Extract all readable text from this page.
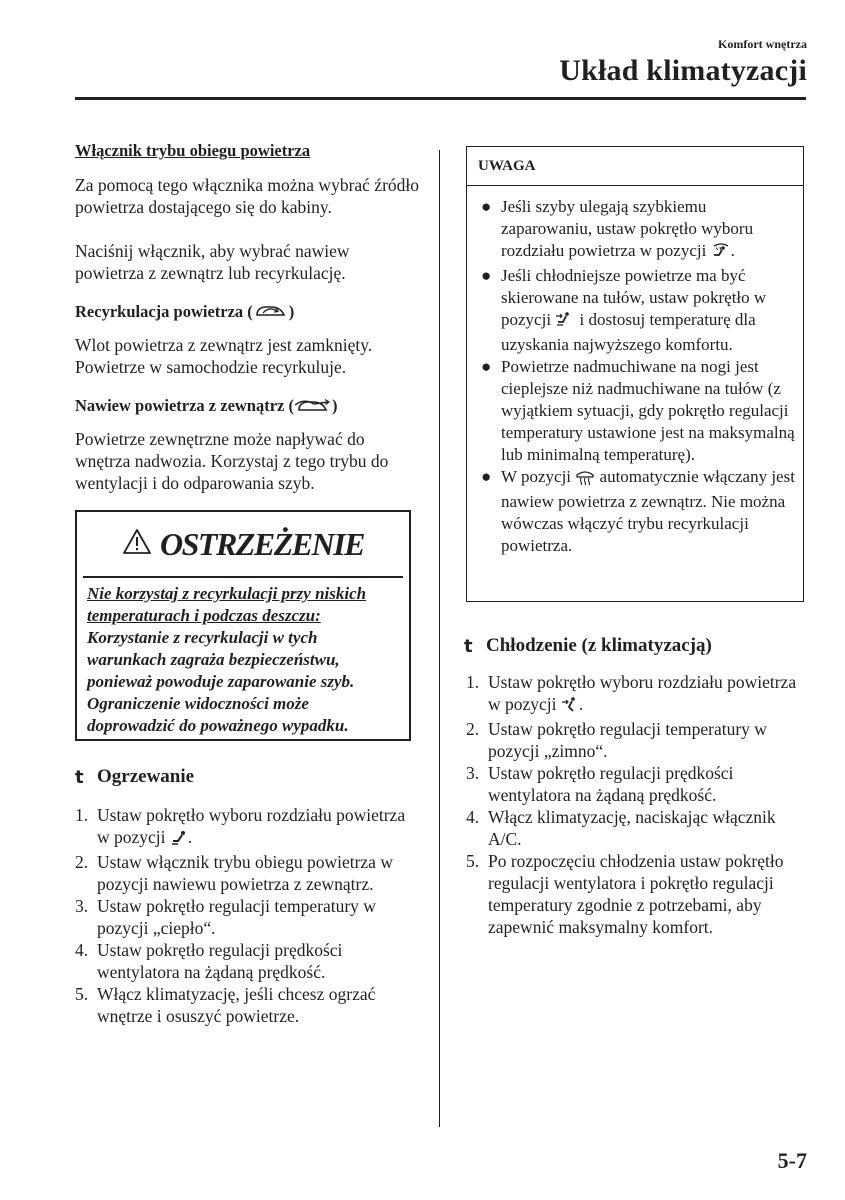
Komfort wnętrza
Układ klimatyzacji
Włącznik trybu obiegu powietrza

Za pomocą tego włącznika można wybrać źródło powietrza dostającego się do kabiny.

Naciśnij włącznik, aby wybrać nawiew powietrza z zewnątrz lub recyrkulację.

Recyrkulacja powietrza ( )

Wlot powietrza z zewnątrz jest zamknięty. Powietrze w samochodzie recyrkuluje.

Nawiew powietrza z zewnątrz ( )

Powietrze zewnętrzne może napływać do wnętrza nadwozia. Korzystaj z tego trybu do wentylacji i do odparowania szyb.

OSTRZEŻENIE
Nie korzystaj z recyrkulacji przy niskich temperaturach i podczas deszczu:
Korzystanie z recyrkulacji w tych warunkach zagraża bezpieczeństwu, ponieważ powoduje zaparowanie szyb. Ograniczenie widoczności może doprowadzić do poważnego wypadku.
t Ogrzewanie
1. Ustaw pokrętło wyboru rozdziału powietrza w pozycji .
2. Ustaw włącznik trybu obiegu powietrza w pozycji nawiewu powietrza z zewnątrz.
3. Ustaw pokrętło regulacji temperatury w pozycji „ciepło“.
4. Ustaw pokrętło regulacji prędkości wentylatora na żądaną prędkość.
5. Włącz klimatyzację, jeśli chcesz ogrzać wnętrze i osuszyć powietrze.
UWAGA
● Jeśli szyby ulegają szybkiemu zaparowaniu, ustaw pokrętło wyboru rozdziału powietrza w pozycji .
● Jeśli chłodniejsze powietrze ma być skierowane na tułów, ustaw pokrętło w pozycji i dostosuj temperaturę dla uzyskania najwyższego komfortu.
● Powietrze nadmuchiwane na nogi jest cieplejsze niż nadmuchiwane na tułów (z wyjątkiem sytuacji, gdy pokrętło regulacji temperatury ustawione jest na maksymalną lub minimalną temperaturę).
● W pozycji automatycznie włączany jest nawiew powietrza z zewnątrz. Nie można wówczas włączyć trybu recyrkulacji powietrza.
t Chłodzenie (z klimatyzacją)
1. Ustaw pokrętło wyboru rozdziału powietrza w pozycji .
2. Ustaw pokrętło regulacji temperatury w pozycji „zimno“.
3. Ustaw pokrętło regulacji prędkości wentylatora na żądaną prędkość.
4. Włącz klimatyzację, naciskając włącznik A/C.
5. Po rozpoczęciu chłodzenia ustaw pokrętło regulacji wentylatora i pokrętło regulacji temperatury zgodnie z potrzebami, aby zapewnić maksymalny komfort.
5-7
